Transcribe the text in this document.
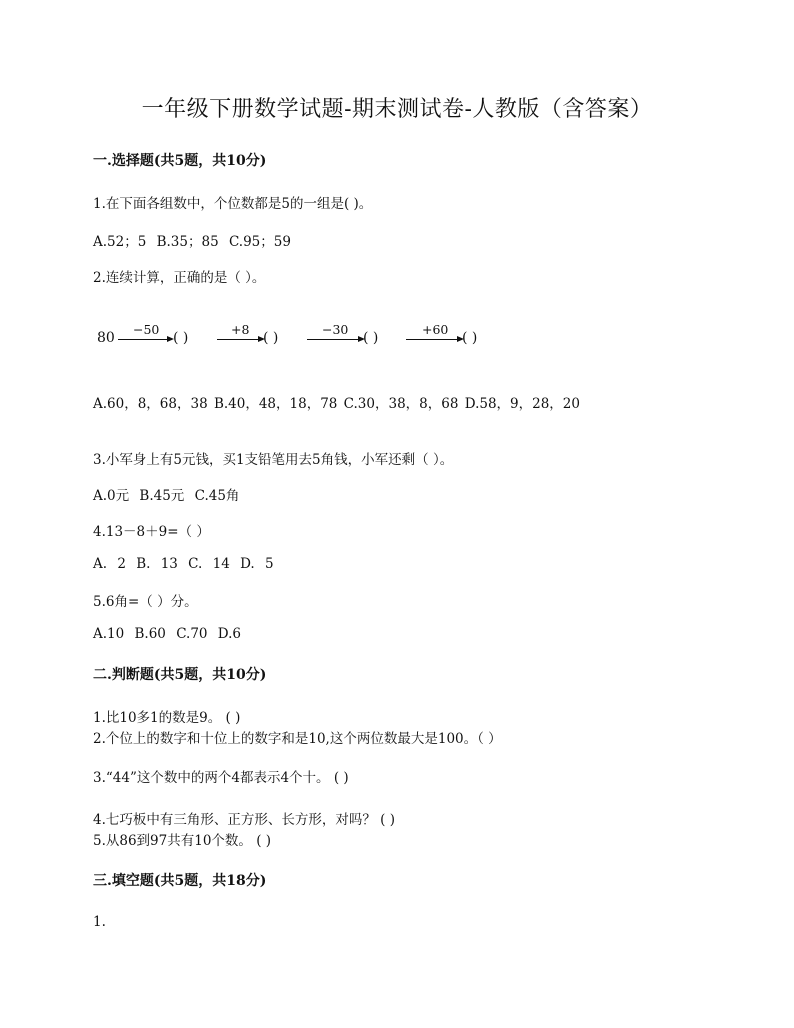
一年级下册数学试题-期末测试卷-人教版（含答案）
一.选择题(共5题，共10分)
1.在下面各组数中，个位数都是5的一组是( )。
A.52；5 B.35；85 C.95；59
2.连续计算，正确的是（ ）。
80
−50
( )
+8
( )
−30
( )
+60
( )
A.60，8，68，38 B.40，48，18，78 C.30，38，8，68 D.58，9，28，20
3.小军身上有5元钱，买1支铅笔用去5角钱，小军还剩（ ）。
A.0元 B.45元 C.45角
4.13－8＋9=（ ）
A. 2 B. 13 C. 14 D. 5
5.6角=（ ）分。
A.10 B.60 C.70 D.6
二.判断题(共5题，共10分)
1.比10多1的数是9。 ( )
2.个位上的数字和十位上的数字和是10,这个两位数最大是100。（ ）
3.“44”这个数中的两个4都表示4个十。 ( )
4.七巧板中有三角形、正方形、长方形，对吗？ ( )
5.从86到97共有10个数。 ( )
三.填空题(共5题，共18分)
1.
